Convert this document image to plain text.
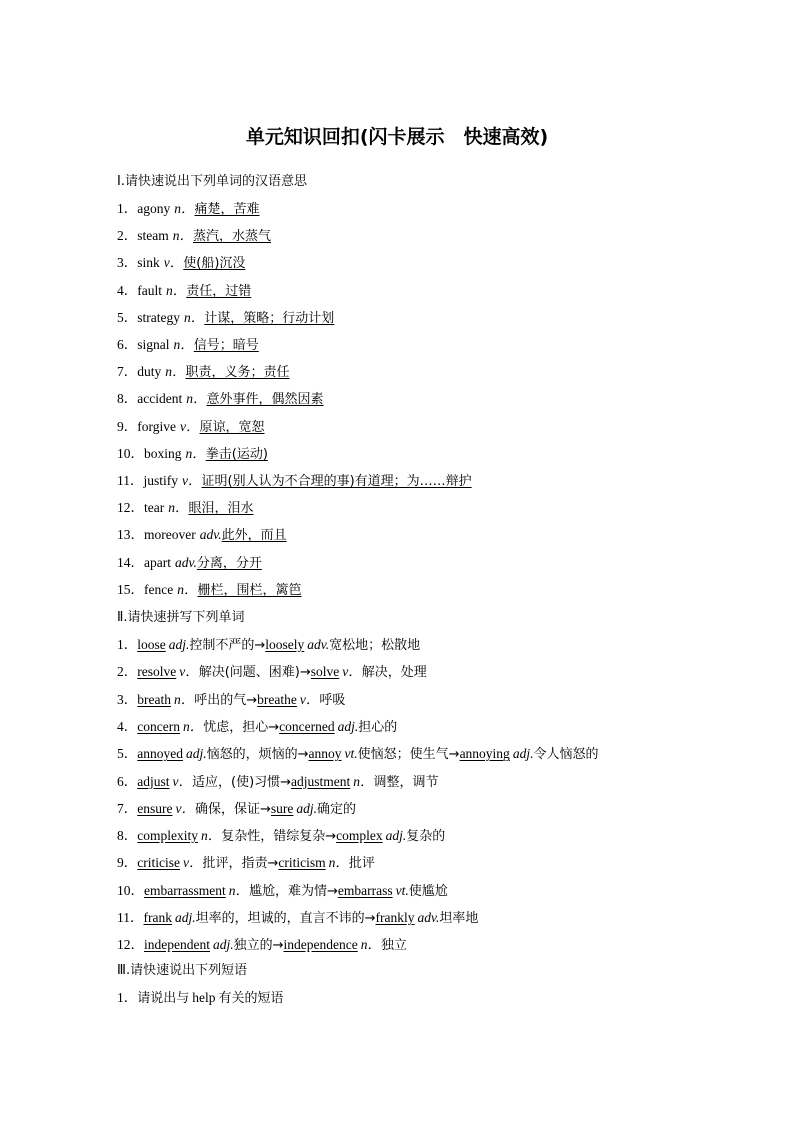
单元知识回扣(闪卡展示　快速高效)
Ⅰ.请快速说出下列单词的汉语意思
1．agony n．痛楚，苦难
2．steam n．蒸汽，水蒸气
3．sink v．使(船)沉没
4．fault n．责任，过错
5．strategy n．计谋，策略；行动计划
6．signal n．信号；暗号
7．duty n．职责，义务；责任
8．accident n．意外事件，偶然因素
9．forgive v．原谅，宽恕
10．boxing n．拳击(运动)
11．justify v．证明(别人认为不合理的事)有道理；为……辩护
12．tear n．眼泪，泪水
13．moreover adv.此外，而且
14．apart adv.分离，分开
15．fence n．栅栏，围栏，篱笆
Ⅱ.请快速拼写下列单词
1．loose adj.控制不严的→loosely adv.宽松地；松散地
2．resolve v．解决(问题、困难)→solve v．解决，处理
3．breath n．呼出的气→breathe v．呼吸
4．concern n．忧虑，担心→concerned adj.担心的
5．annoyed adj.恼怒的，烦恼的→annoy vt.使恼怒；使生气→annoying adj.令人恼怒的
6．adjust v．适应，(使)习惯→adjustment n．调整，调节
7．ensure v．确保，保证→sure adj.确定的
8．complexity n．复杂性，错综复杂→complex adj.复杂的
9．criticise v．批评，指责→criticism n．批评
10．embarrassment n．尴尬，难为情→embarrass vt.使尴尬
11．frank adj.坦率的，坦诚的，直言不讳的→frankly adv.坦率地
12．independent adj.独立的→independence n．独立
Ⅲ.请快速说出下列短语
1．请说出与 help 有关的短语
